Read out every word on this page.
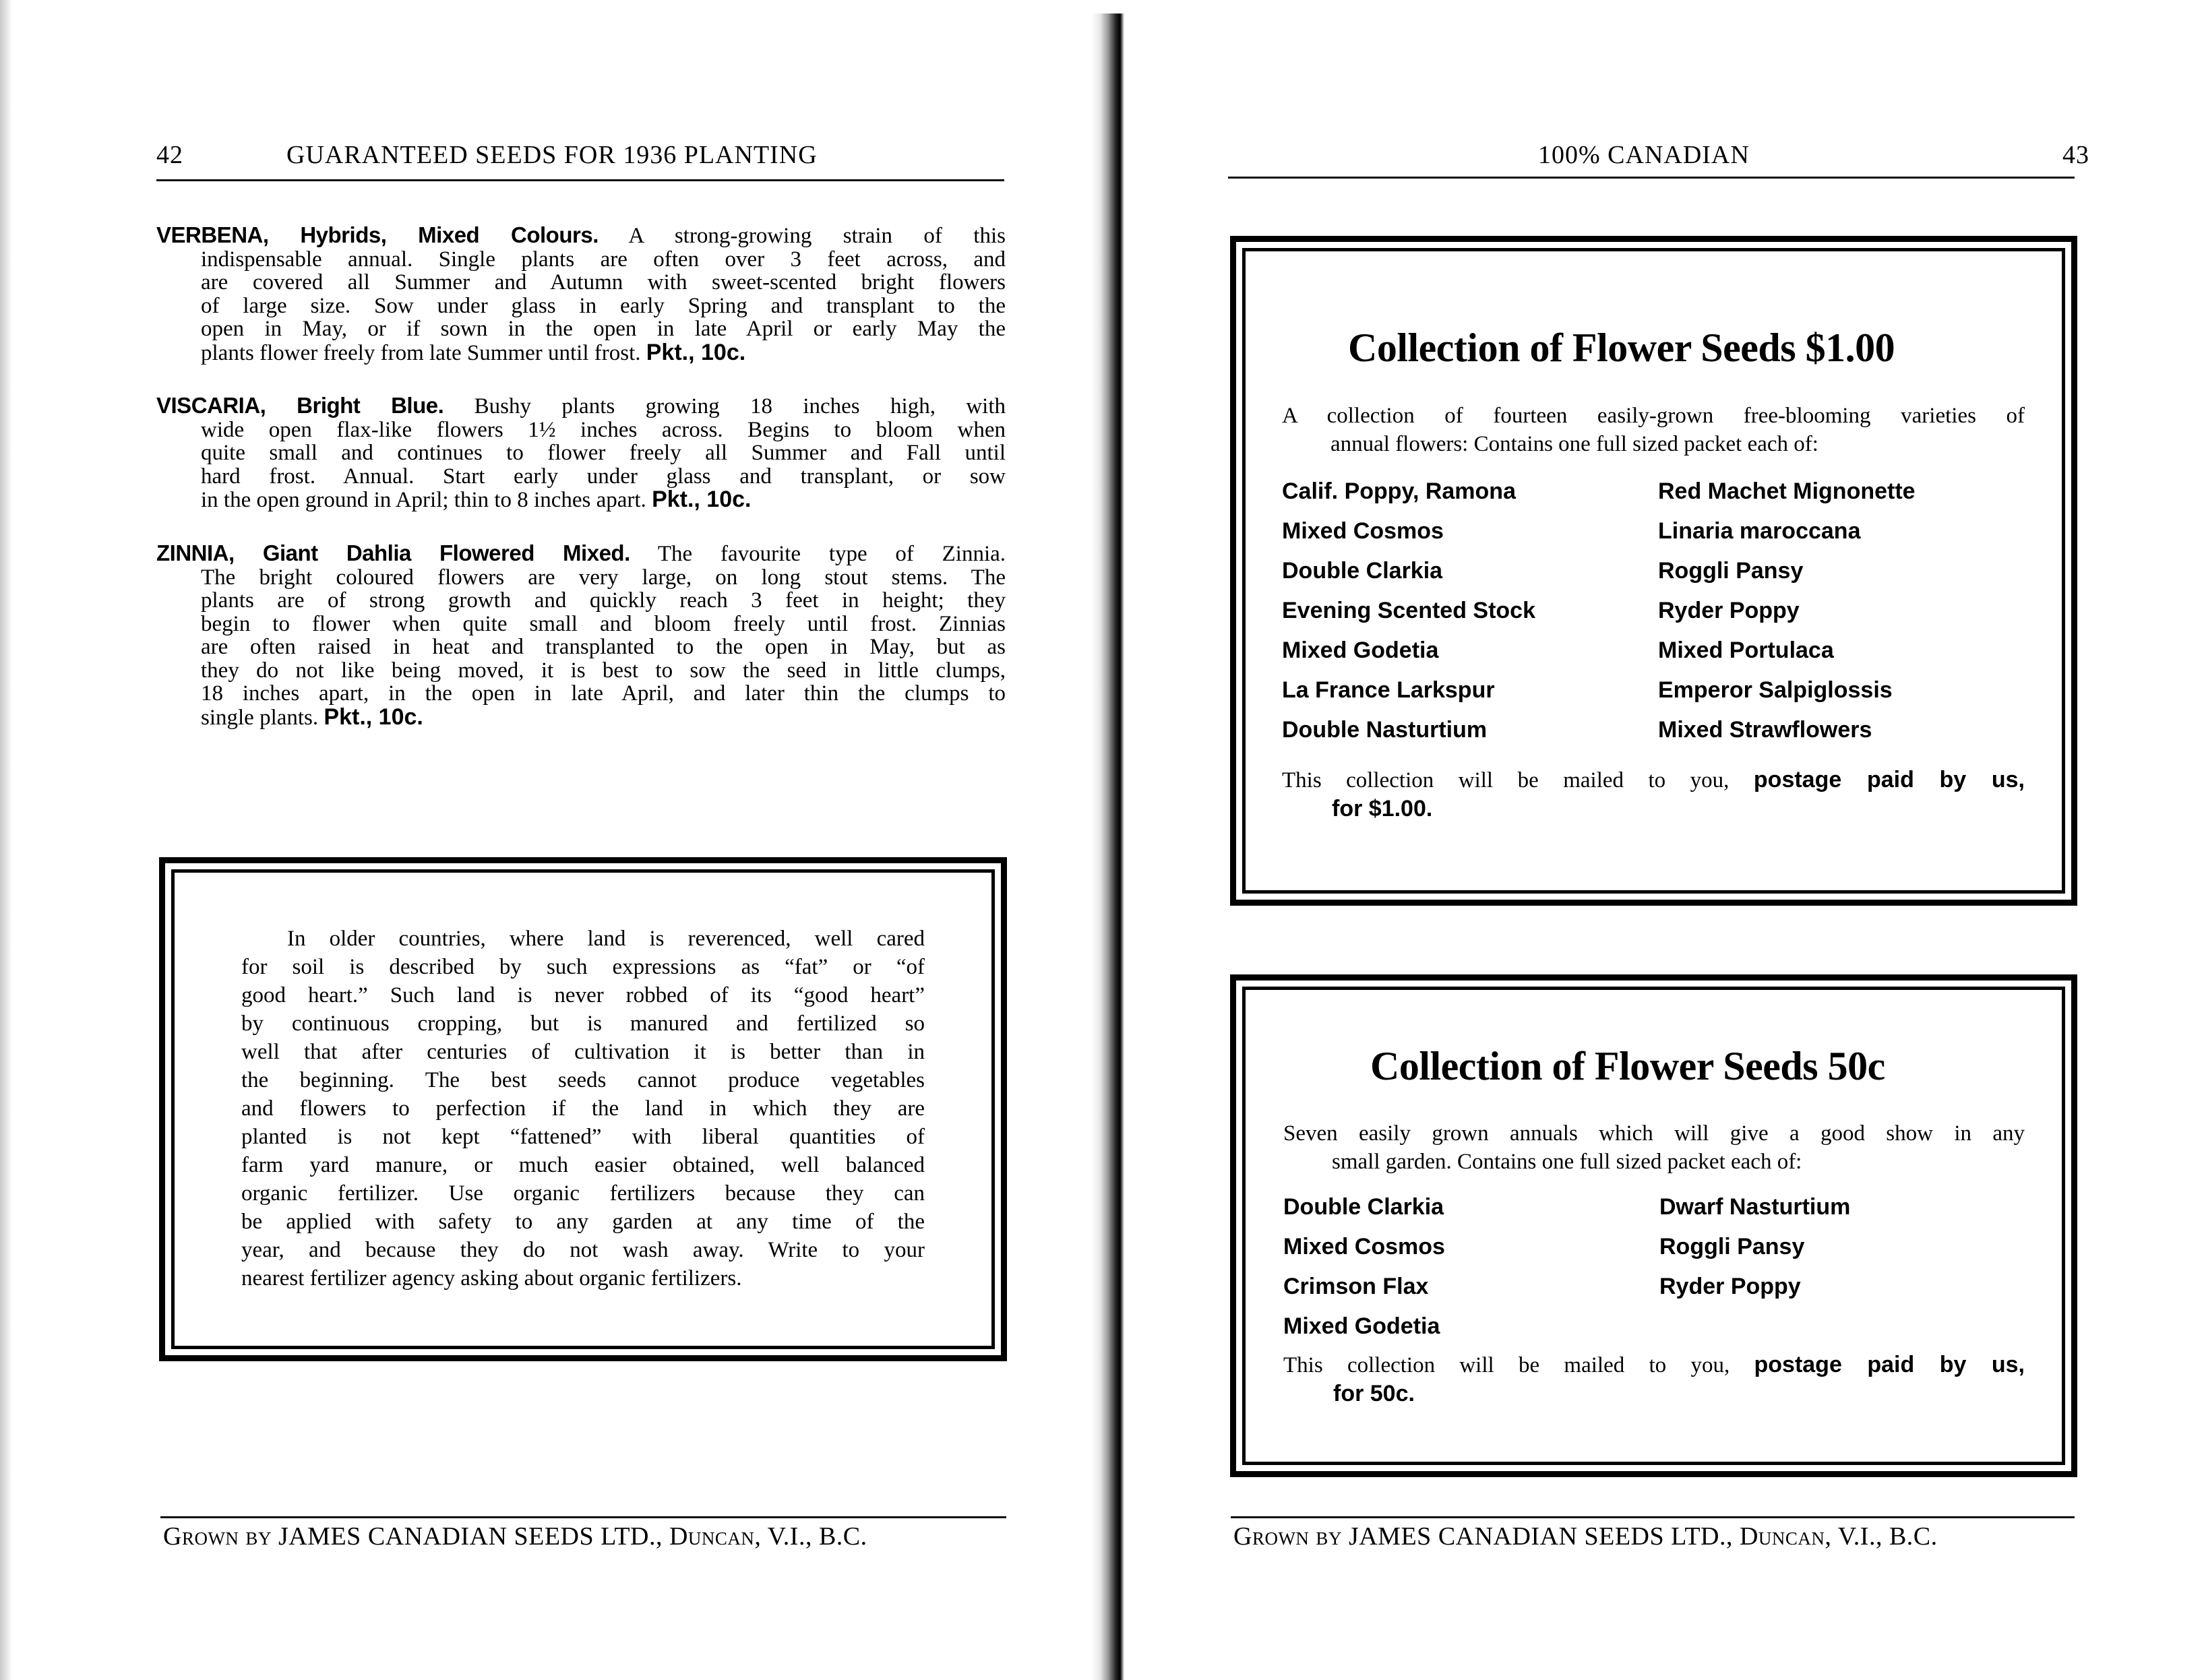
42	GUARANTEED SEEDS FOR 1936 PLANTING
VERBENA, Hybrids, Mixed Colours. A strong-growing strain of this
indispensable annual. Single plants are often over 3 feet across, and
are covered all Summer and Autumn with sweet-scented bright flowers
of large size. Sow under glass in early Spring and transplant to the
open in May, or if sown in the open in late April or early May the
plants flower freely from late Summer until frost. Pkt., 10c.
VISCARIA, Bright Blue. Bushy plants growing 18 inches high, with
wide open flax-like flowers 1½ inches across. Begins to bloom when
quite small and continues to flower freely all Summer and Fall until
hard frost. Annual. Start early under glass and transplant, or sow
in the open ground in April; thin to 8 inches apart. Pkt., 10c.
ZINNIA, Giant Dahlia Flowered Mixed. The favourite type of Zinnia.
The bright coloured flowers are very large, on long stout stems. The
plants are of strong growth and quickly reach 3 feet in height; they
begin to flower when quite small and bloom freely until frost. Zinnias
are often raised in heat and transplanted to the open in May, but as
they do not like being moved, it is best to sow the seed in little clumps,
18 inches apart, in the open in late April, and later thin the clumps to
single plants. Pkt., 10c.
In older countries, where land is reverenced, well cared
for soil is described by such expressions as “fat” or “of
good heart.” Such land is never robbed of its “good heart”
by continuous cropping, but is manured and fertilized so
well that after centuries of cultivation it is better than in
the beginning. The best seeds cannot produce vegetables
and flowers to perfection if the land in which they are
planted is not kept “fattened” with liberal quantities of
farm yard manure, or much easier obtained, well balanced
organic fertilizer. Use organic fertilizers because they can
be applied with safety to any garden at any time of the
year, and because they do not wash away. Write to your
nearest fertilizer agency asking about organic fertilizers.
Grown by JAMES CANADIAN SEEDS LTD., Duncan, V.I., B.C.
100% CANADIAN	43
Collection of Flower Seeds $1.00
A collection of fourteen easily-grown free-blooming varieties of
annual flowers: Contains one full sized packet each of:
Calif. Poppy, Ramona
Mixed Cosmos
Double Clarkia
Evening Scented Stock
Mixed Godetia
La France Larkspur
Double Nasturtium
Red Machet Mignonette
Linaria maroccana
Roggli Pansy
Ryder Poppy
Mixed Portulaca
Emperor Salpiglossis
Mixed Strawflowers
This collection will be mailed to you, postage paid by us,
for $1.00.
Collection of Flower Seeds 50c
Seven easily grown annuals which will give a good show in any
small garden. Contains one full sized packet each of:
Double Clarkia
Mixed Cosmos
Crimson Flax
Mixed Godetia
Dwarf Nasturtium
Roggli Pansy
Ryder Poppy
This collection will be mailed to you, postage paid by us,
for 50c.
Grown by JAMES CANADIAN SEEDS LTD., Duncan, V.I., B.C.
